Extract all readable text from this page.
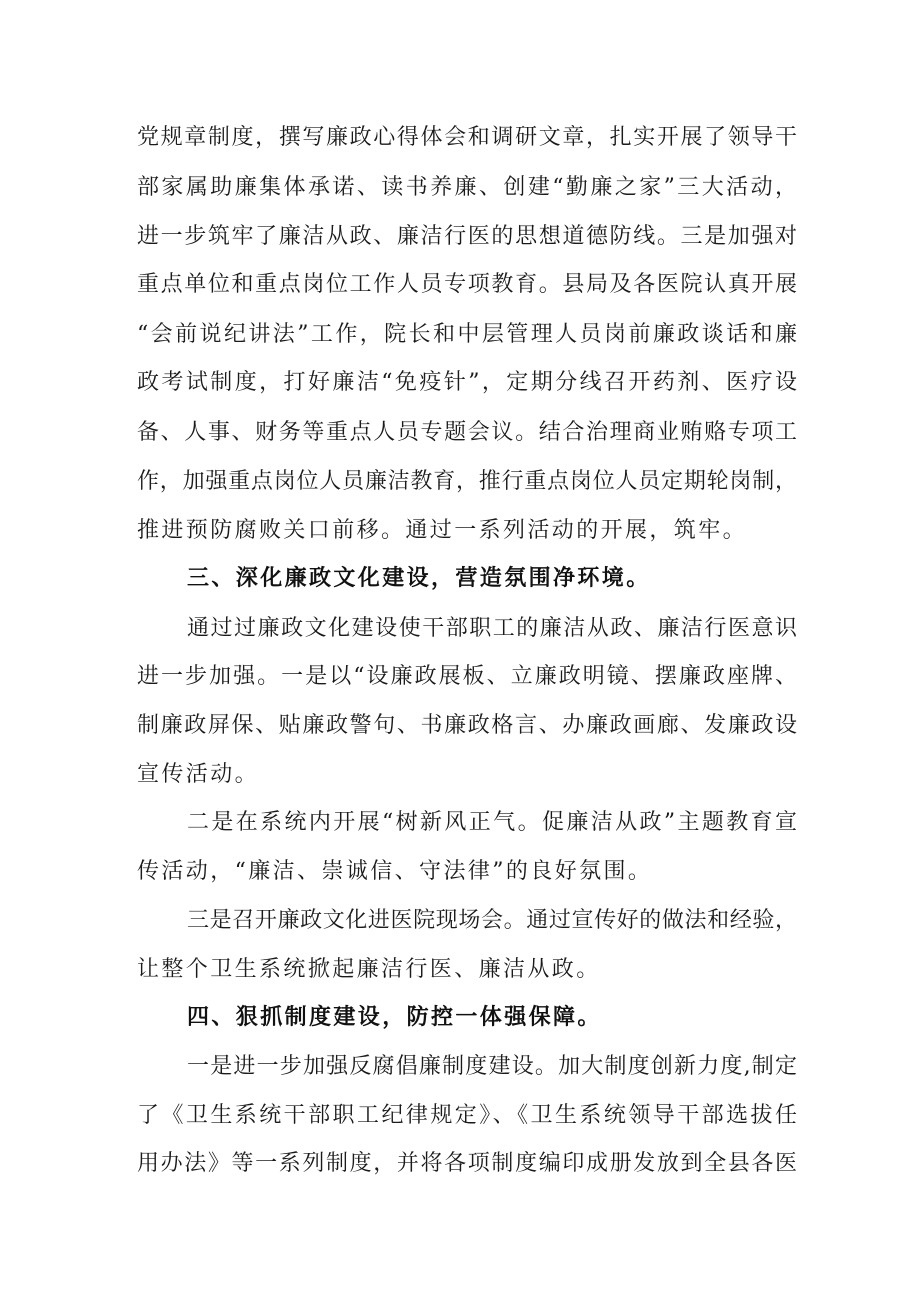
党规章制度，撰写廉政心得体会和调研文章，扎实开展了领导干
部家属助廉集体承诺、读书养廉、创建“勤廉之家”三大活动，
进一步筑牢了廉洁从政、廉洁行医的思想道德防线。三是加强对
重点单位和重点岗位工作人员专项教育。县局及各医院认真开展
“会前说纪讲法”工作，院长和中层管理人员岗前廉政谈话和廉
政考试制度，打好廉洁“免疫针”，定期分线召开药剂、医疗设
备、人事、财务等重点人员专题会议。结合治理商业贿赂专项工
作，加强重点岗位人员廉洁教育，推行重点岗位人员定期轮岗制，
推进预防腐败关口前移。通过一系列活动的开展，筑牢。
三、深化廉政文化建设，营造氛围净环境。
通过过廉政文化建设使干部职工的廉洁从政、廉洁行医意识
进一步加强。一是以“设廉政展板、立廉政明镜、摆廉政座牌、
制廉政屏保、贴廉政警句、书廉政格言、办廉政画廊、发廉政设
宣传活动。
二是在系统内开展“树新风正气。促廉洁从政”主题教育宣
传活动，“廉洁、崇诚信、守法律”的良好氛围。
三是召开廉政文化进医院现场会。通过宣传好的做法和经验，
让整个卫生系统掀起廉洁行医、廉洁从政。
四、狠抓制度建设，防控一体强保障。
一是进一步加强反腐倡廉制度建设。加大制度创新力度,制定
了《卫生系统干部职工纪律规定》、《卫生系统领导干部选拔任
用办法》等一系列制度，并将各项制度编印成册发放到全县各医
